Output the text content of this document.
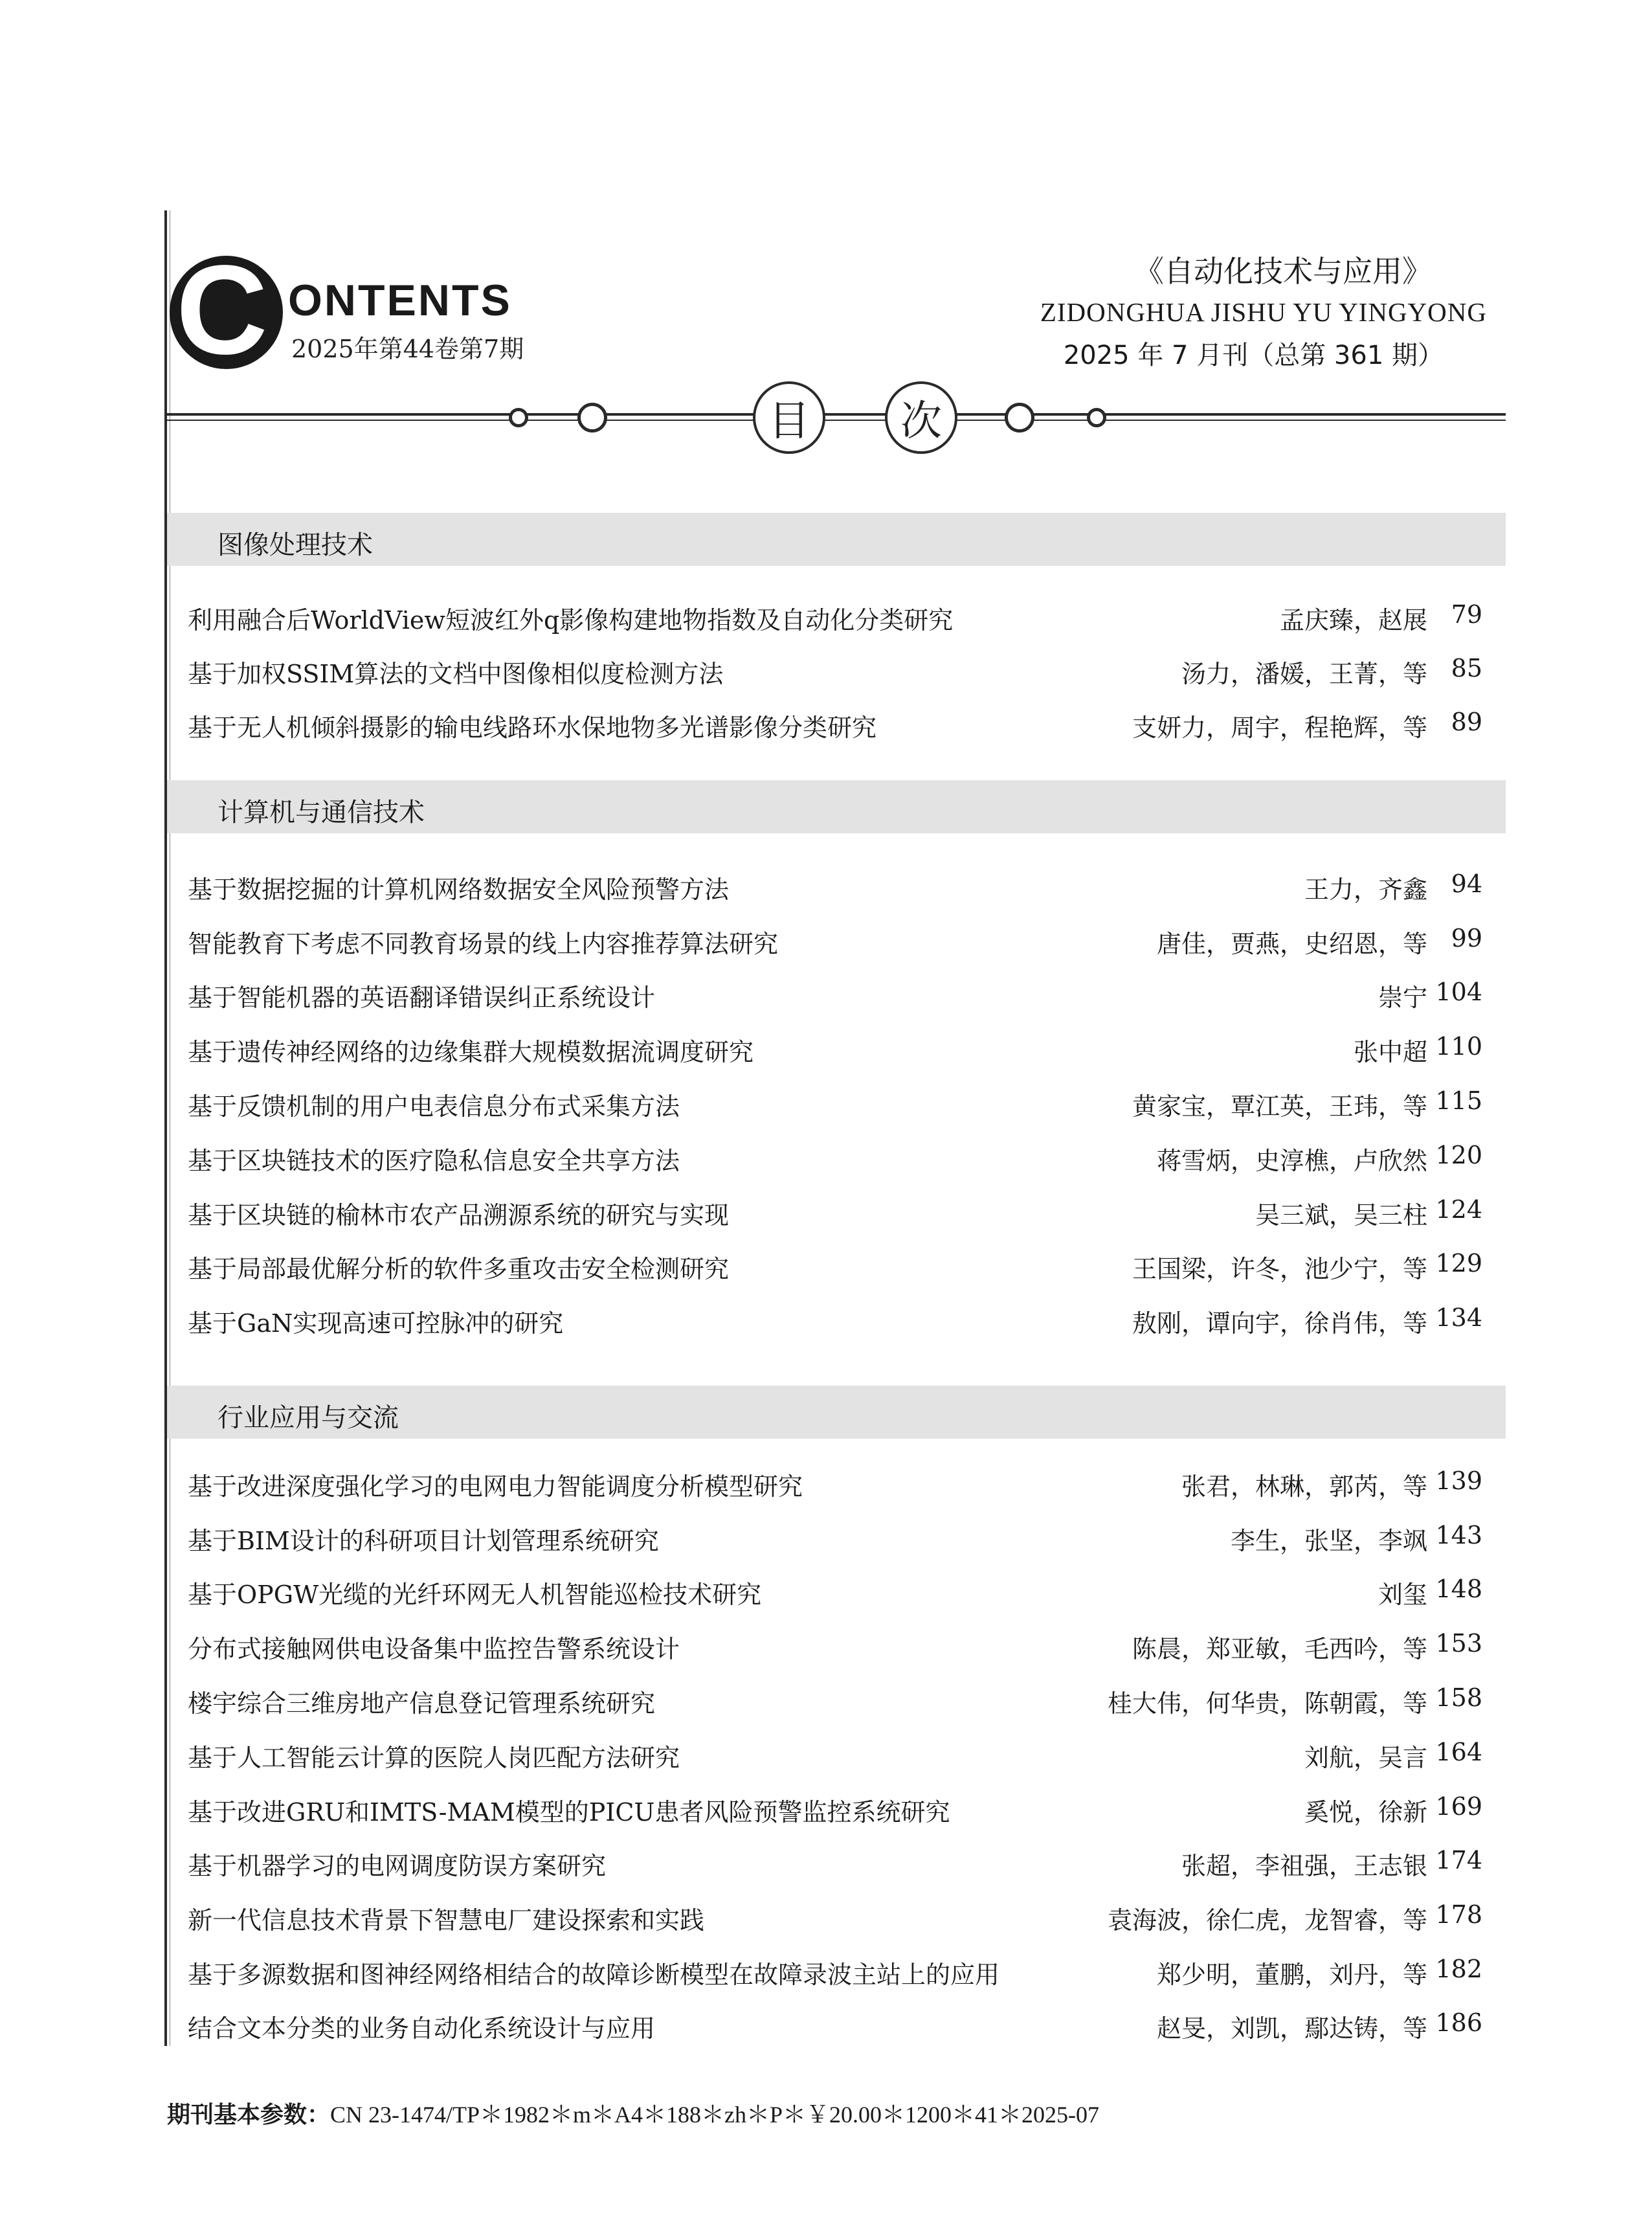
C ONTENTS
2025年第44卷第7期
《自动化技术与应用》
ZIDONGHUA JISHU YU YINGYONG
2025 年 7 月刊（总第 361 期）
目 次
图像处理技术
利用融合后WorldView短波红外q影像构建地物指数及自动化分类研究	孟庆臻，赵展 79
基于加权SSIM算法的文档中图像相似度检测方法	汤力，潘媛，王菁，等 85
基于无人机倾斜摄影的输电线路环水保地物多光谱影像分类研究	支妍力，周宇，程艳辉，等 89
计算机与通信技术
基于数据挖掘的计算机网络数据安全风险预警方法	王力，齐鑫 94
智能教育下考虑不同教育场景的线上内容推荐算法研究	唐佳，贾燕，史绍恩，等 99
基于智能机器的英语翻译错误纠正系统设计	崇宁 104
基于遗传神经网络的边缘集群大规模数据流调度研究	张中超 110
基于反馈机制的用户电表信息分布式采集方法	黄家宝，覃江英，王玮，等 115
基于区块链技术的医疗隐私信息安全共享方法	蒋雪炳，史淳樵，卢欣然 120
基于区块链的榆林市农产品溯源系统的研究与实现	吴三斌，吴三柱 124
基于局部最优解分析的软件多重攻击安全检测研究	王国梁，许冬，池少宁，等 129
基于GaN实现高速可控脉冲的研究	敖刚，谭向宇，徐肖伟，等 134
行业应用与交流
基于改进深度强化学习的电网电力智能调度分析模型研究	张君，林琳，郭芮，等 139
基于BIM设计的科研项目计划管理系统研究	李生，张坚，李飒 143
基于OPGW光缆的光纤环网无人机智能巡检技术研究	刘玺 148
分布式接触网供电设备集中监控告警系统设计	陈晨，郑亚敏，毛西吟，等 153
楼宇综合三维房地产信息登记管理系统研究	桂大伟，何华贵，陈朝霞，等 158
基于人工智能云计算的医院人岗匹配方法研究	刘航，吴言 164
基于改进GRU和IMTS-MAM模型的PICU患者风险预警监控系统研究	奚悦，徐新 169
基于机器学习的电网调度防误方案研究	张超，李祖强，王志银 174
新一代信息技术背景下智慧电厂建设探索和实践	袁海波，徐仁虎，龙智睿，等 178
基于多源数据和图神经网络相结合的故障诊断模型在故障录波主站上的应用	郑少明，董鹏，刘丹，等 182
结合文本分类的业务自动化系统设计与应用	赵旻，刘凯，鄢达铸，等 186
期刊基本参数：CN 23-1474/TP＊1982＊m＊A4＊188＊zh＊P＊￥20.00＊1200＊41＊2025-07
